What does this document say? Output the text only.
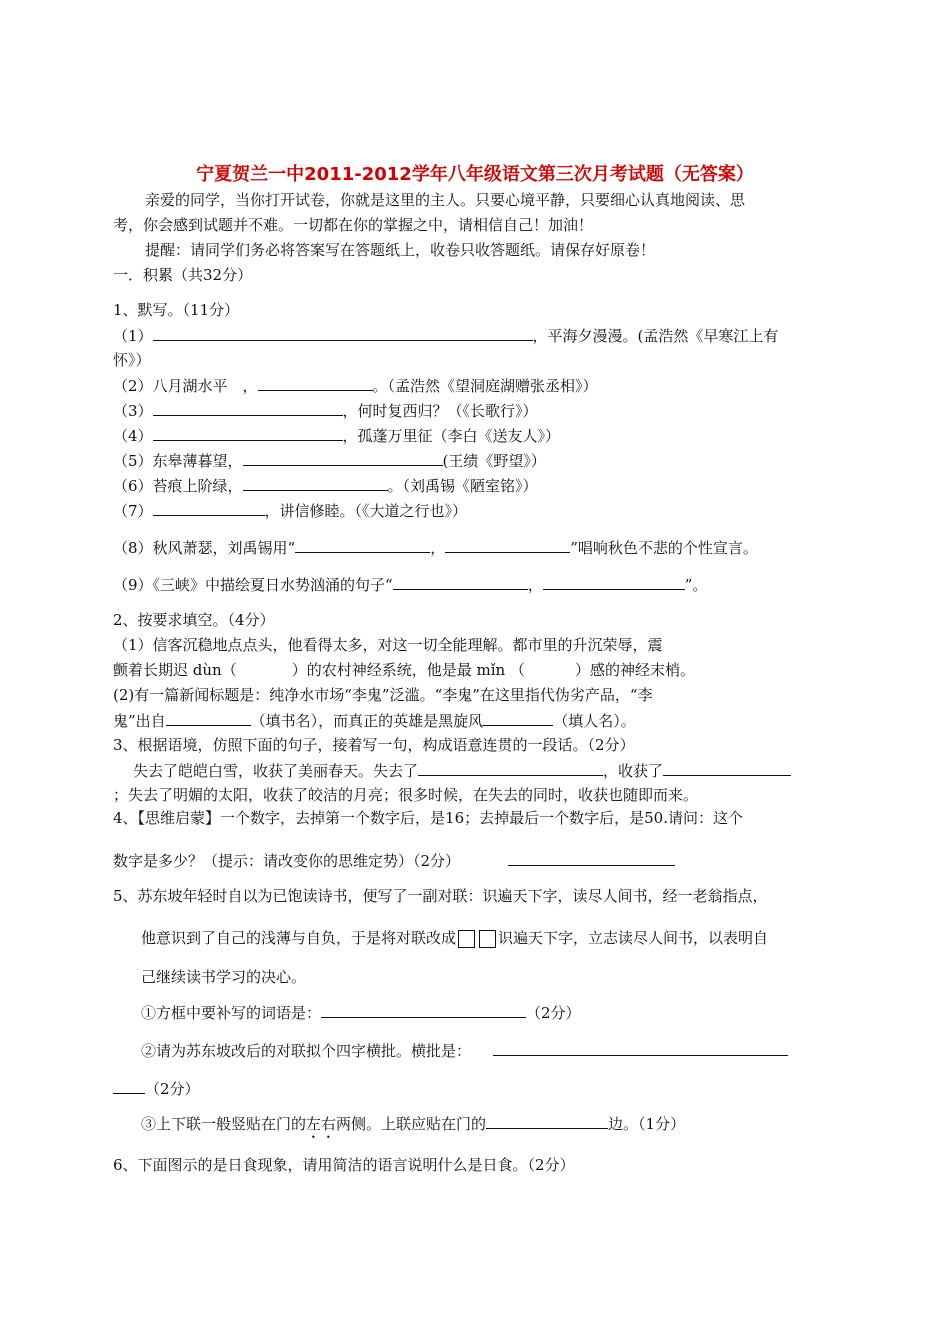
宁夏贺兰一中2011-2012学年八年级语文第三次月考试题（无答案）
亲爱的同学，当你打开试卷，你就是这里的主人。只要心境平静，只要细心认真地阅读、思
考，你会感到试题并不难。一切都在你的掌握之中，请相信自己！加油！
提醒：请同学们务必将答案写在答题纸上，收卷只收答题纸。请保存好原卷！
一．积累（共32分）
1、默写。（11分）
（1）	，平海夕漫漫。(孟浩然《早寒江上有
怀》）
（2）八月湖水平　，	。（孟浩然《望洞庭湖赠张丞相》）
（3）	，何时复西归？（《长歌行》）
（4）	，孤蓬万里征（李白《送友人》）
（5）东皋薄暮望，	(王绩《野望》）
（6）苔痕上阶绿，	。（刘禹锡《陋室铭》）
（7）	，讲信修睦。（《大道之行也》）
（8）秋风萧瑟，刘禹锡用“	，	”唱响秋色不悲的个性宣言。
（9）《三峡》中描绘夏日水势汹涌的句子“	，	”。
2、按要求填空。（4分）
（1）信客沉稳地点点头，他看得太多，对这一切全能理解。都市里的升沉荣辱，震
颤着长期迟 dùn（	）的农村神经系统，他是最 mǐn （	）感的神经末梢。
(2)有一篇新闻标题是：纯净水市场“李鬼”泛滥。“李鬼”在这里指代伪劣产品，“李
鬼”出自	（填书名），而真正的英雄是黑旋风	（填人名）。
3、根据语境，仿照下面的句子，接着写一句，构成语意连贯的一段话。（2分）
失去了皑皑白雪，收获了美丽春天。失去了	，收获了
；失去了明媚的太阳，收获了皎洁的月亮；很多时候，在失去的同时，收获也随即而来。
4、【思维启蒙】一个数字，去掉第一个数字后，是16；去掉最后一个数字后，是50.请问：这个
数字是多少？（提示：请改变你的思维定势）（2分）
5、苏东坡年轻时自以为已饱读诗书，便写了一副对联：识遍天下字，读尽人间书，经一老翁指点，
他意识到了自己的浅薄与自负，于是将对联改成	识遍天下字，立志读尽人间书，以表明自
己继续读书学习的决心。
①方框中要补写的词语是：	（2分）
②请为苏东坡改后的对联拟个四字横批。横批是：
（2分）
③上下联一般竖贴在门的左右两侧。上联应贴在门的	边。（1分）
6、下面图示的是日食现象，请用简洁的语言说明什么是日食。（2分）
